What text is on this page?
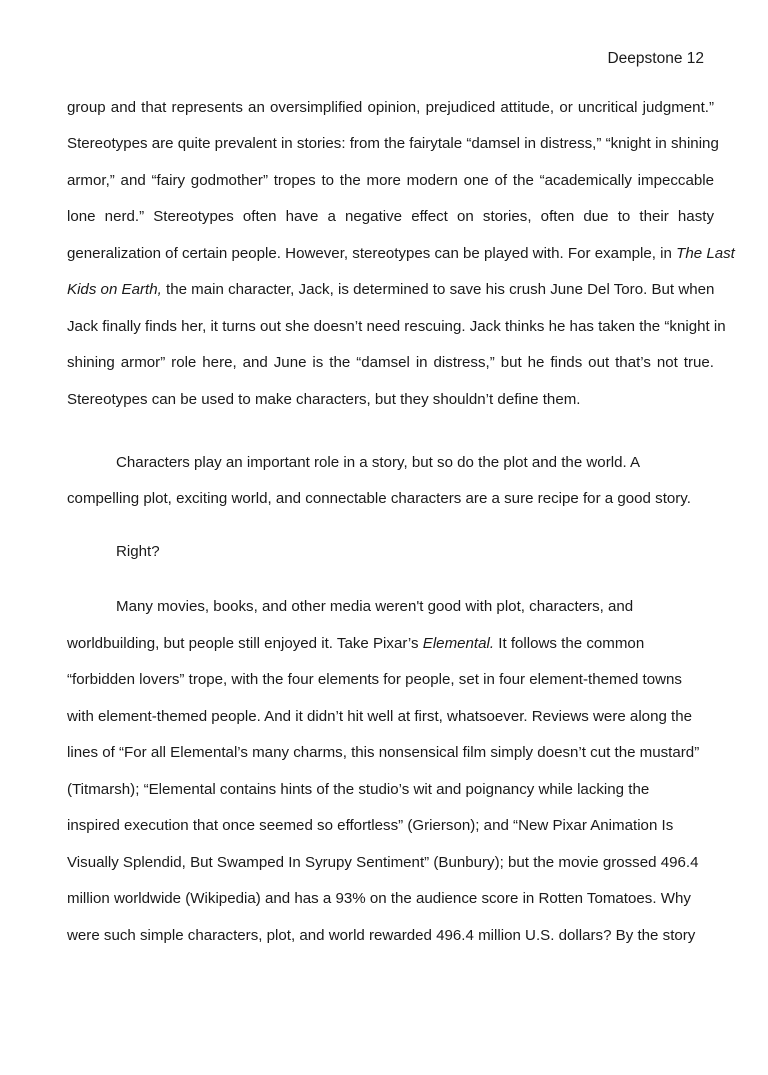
Deepstone 12
group and that represents an oversimplified opinion, prejudiced attitude, or uncritical judgment.”
Stereotypes are quite prevalent in stories: from the fairytale “damsel in distress,” “knight in shining
armor,” and “fairy godmother” tropes to the more modern one of the “academically impeccable
lone nerd.” Stereotypes often have a negative effect on stories, often due to their hasty
generalization of certain people. However, stereotypes can be played with. For example, in The Last
Kids on Earth, the main character, Jack, is determined to save his crush June Del Toro. But when
Jack finally finds her, it turns out she doesn’t need rescuing. Jack thinks he has taken the “knight in
shining armor” role here, and June is the “damsel in distress,” but he finds out that’s not true.
Stereotypes can be used to make characters, but they shouldn’t define them.
Characters play an important role in a story, but so do the plot and the world. A
compelling plot, exciting world, and connectable characters are a sure recipe for a good story.
Right?
Many movies, books, and other media weren't good with plot, characters, and
worldbuilding, but people still enjoyed it. Take Pixar’s Elemental. It follows the common
“forbidden lovers” trope, with the four elements for people, set in four element-themed towns
with element-themed people. And it didn’t hit well at first, whatsoever. Reviews were along the
lines of “For all Elemental’s many charms, this nonsensical film simply doesn’t cut the mustard”
(Titmarsh); “Elemental contains hints of the studio’s wit and poignancy while lacking the
inspired execution that once seemed so effortless” (Grierson); and “New Pixar Animation Is
Visually Splendid, But Swamped In Syrupy Sentiment” (Bunbury); but the movie grossed 496.4
million worldwide (Wikipedia) and has a 93% on the audience score in Rotten Tomatoes. Why
were such simple characters, plot, and world rewarded 496.4 million U.S. dollars? By the story
